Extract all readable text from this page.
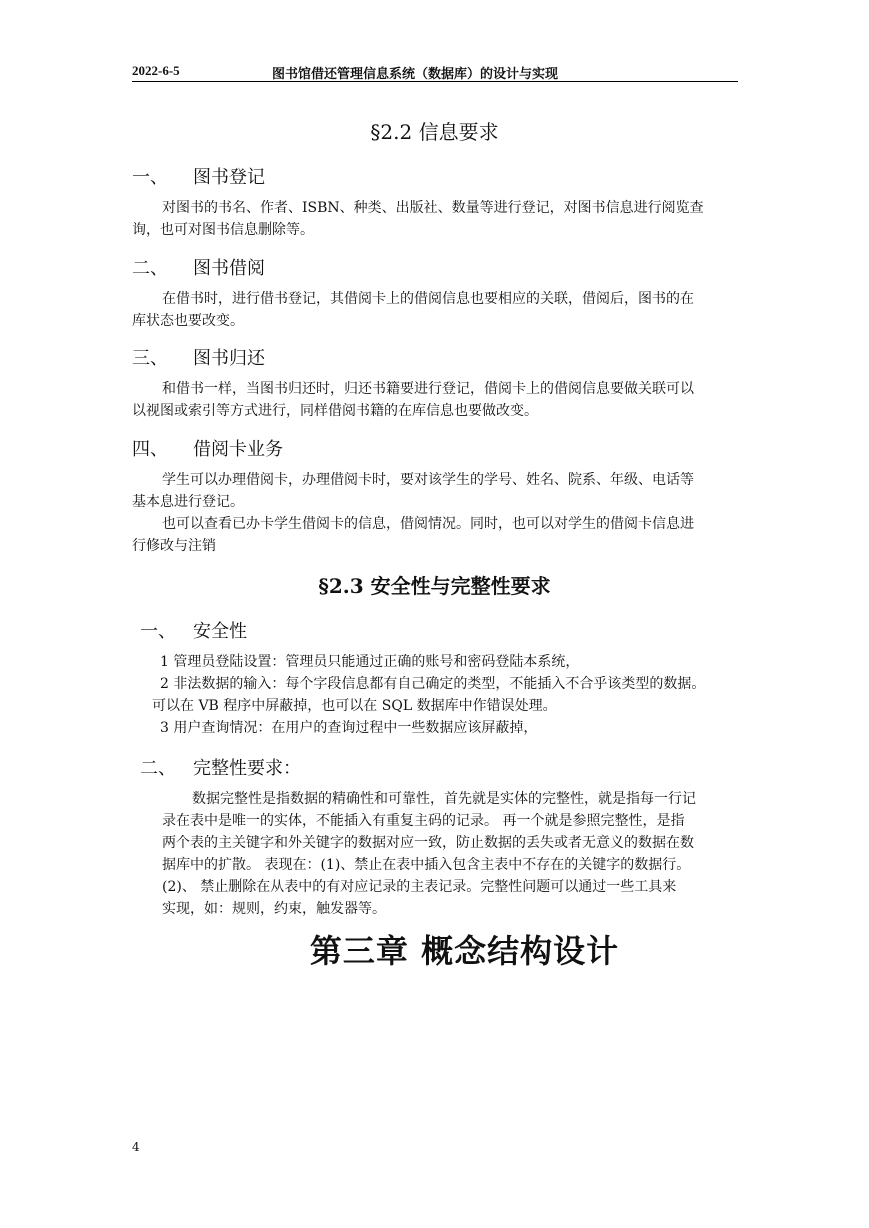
2022-6-5	图书馆借还管理信息系统（数据库）的设计与实现
§2.2 信息要求
一、 图书登记
对图书的书名、作者、ISBN、种类、出版社、数量等进行登记，对图书信息进行阅览查
询，也可对图书信息删除等。
二、 图书借阅
在借书时，进行借书登记，其借阅卡上的借阅信息也要相应的关联，借阅后，图书的在
库状态也要改变。
三、 图书归还
和借书一样，当图书归还时，归还书籍要进行登记，借阅卡上的借阅信息要做关联可以
以视图或索引等方式进行，同样借阅书籍的在库信息也要做改变。
四、 借阅卡业务
学生可以办理借阅卡，办理借阅卡时，要对该学生的学号、姓名、院系、年级、电话等
基本息进行登记。
也可以查看已办卡学生借阅卡的信息，借阅情况。同时，也可以对学生的借阅卡信息进
行修改与注销
§2.3 安全性与完整性要求
一、 安全性
1 管理员登陆设置：管理员只能通过正确的账号和密码登陆本系统，
2 非法数据的输入：每个字段信息都有自己确定的类型，不能插入不合乎该类型的数据。
可以在 VB 程序中屏蔽掉，也可以在 SQL 数据库中作错误处理。
3 用户查询情况：在用户的查询过程中一些数据应该屏蔽掉，
二、 完整性要求：
数据完整性是指数据的精确性和可靠性，首先就是实体的完整性，就是指每一行记
录在表中是唯一的实体，不能插入有重复主码的记录。 再一个就是参照完整性，是指
两个表的主关键字和外关键字的数据对应一致，防止数据的丢失或者无意义的数据在数
据库中的扩散。 表现在：(1)、禁止在表中插入包含主表中不存在的关键字的数据行。
(2)、 禁止删除在从表中的有对应记录的主表记录。完整性问题可以通过一些工具来
实现，如：规则，约束，触发器等。
第三章 概念结构设计
4
